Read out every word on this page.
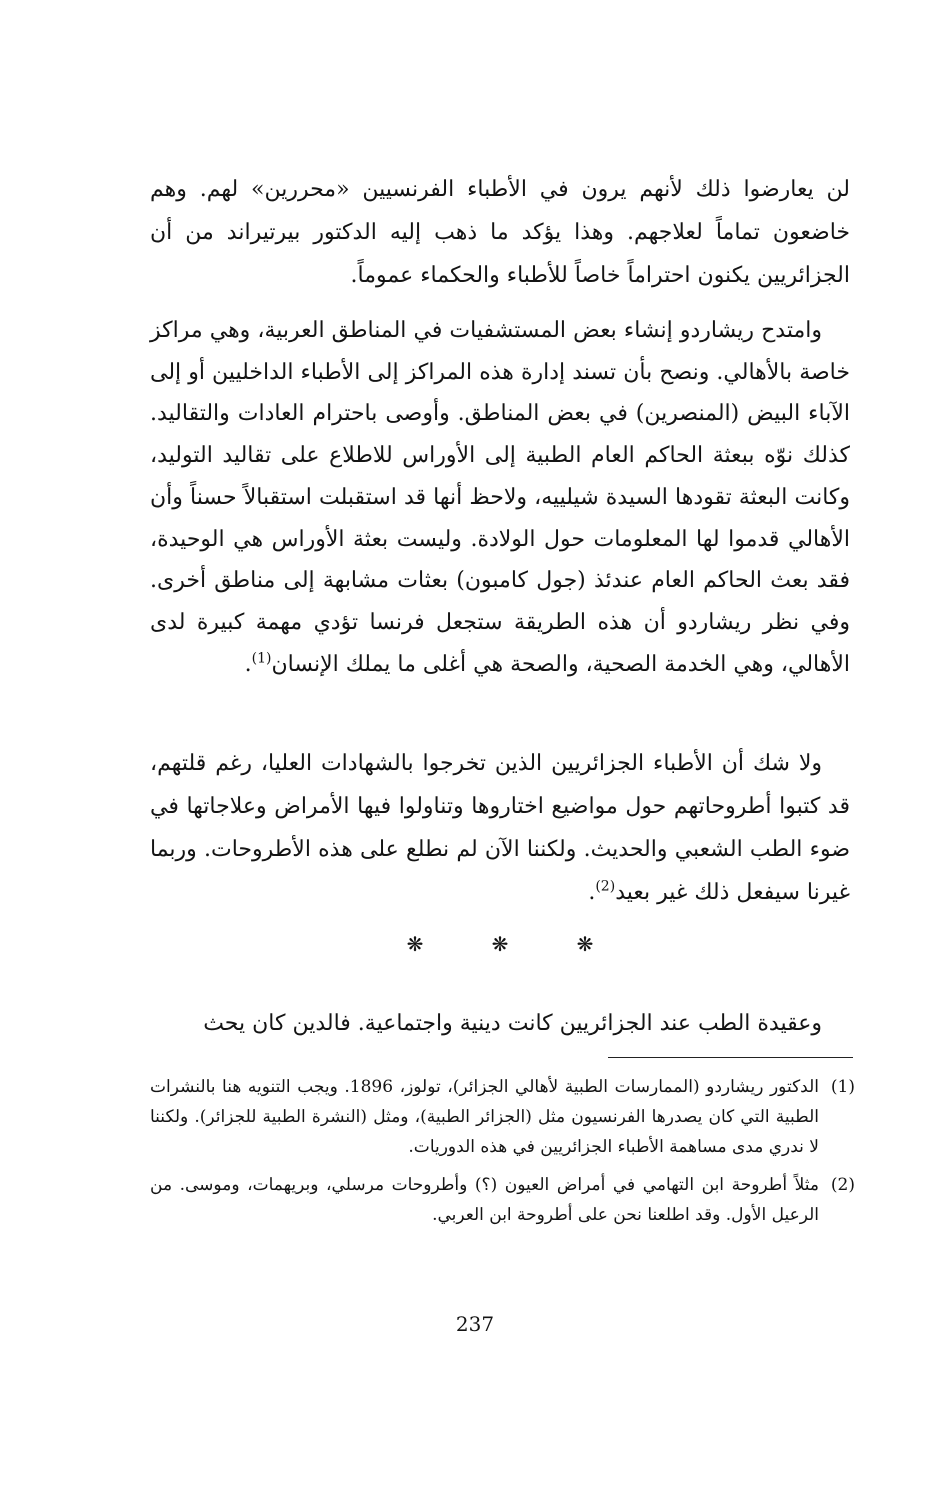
لن يعارضوا ذلك لأنهم يرون في الأطباء الفرنسيين «محررين» لهم. وهم خاضعون تماماً لعلاجهم. وهذا يؤكد ما ذهب إليه الدكتور بيرتيراند من أن الجزائريين يكنون احتراماً خاصاً للأطباء والحكماء عموماً.

وامتدح ريشاردو إنشاء بعض المستشفيات في المناطق العربية، وهي مراكز خاصة بالأهالي. ونصح بأن تسند إدارة هذه المراكز إلى الأطباء الداخليين أو إلى الآباء البيض (المنصرين) في بعض المناطق. وأوصى باحترام العادات والتقاليد. كذلك نوّه ببعثة الحاكم العام الطبية إلى الأوراس للاطلاع على تقاليد التوليد، وكانت البعثة تقودها السيدة شيلييه، ولاحظ أنها قد استقبلت استقبالاً حسناً وأن الأهالي قدموا لها المعلومات حول الولادة. وليست بعثة الأوراس هي الوحيدة، فقد بعث الحاكم العام عندئذ (جول كامبون) بعثات مشابهة إلى مناطق أخرى. وفي نظر ريشاردو أن هذه الطريقة ستجعل فرنسا تؤدي مهمة كبيرة لدى الأهالي، وهي الخدمة الصحية، والصحة هي أغلى ما يملك الإنسان$^{(1)}$.

ولا شك أن الأطباء الجزائريين الذين تخرجوا بالشهادات العليا، رغم قلتهم، قد كتبوا أطروحاتهم حول مواضيع اختاروها وتناولوا فيها الأمراض وعلاجاتها في ضوء الطب الشعبي والحديث. ولكننا الآن لم نطلع على هذه الأطروحات. وربما غيرنا سيفعل ذلك غير بعيد$^{(2)}$.

❋	❋	❋

وعقيدة الطب عند الجزائريين كانت دينية واجتماعية. فالدين كان يحث

(1)
الدكتور ريشاردو (الممارسات الطبية لأهالي الجزائر)، تولوز، 1896. ويجب التنويه هنا بالنشرات الطبية التي كان يصدرها الفرنسيون مثل (الجزائر الطبية)، ومثل (النشرة الطبية للجزائر). ولكننا لا ندري مدى مساهمة الأطباء الجزائريين في هذه الدوريات.
(2)
مثلاً أطروحة ابن التهامي في أمراض العيون (؟) وأطروحات مرسلي، وبريهمات، وموسى. من الرعيل الأول. وقد اطلعنا نحن على أطروحة ابن العربي.
237
